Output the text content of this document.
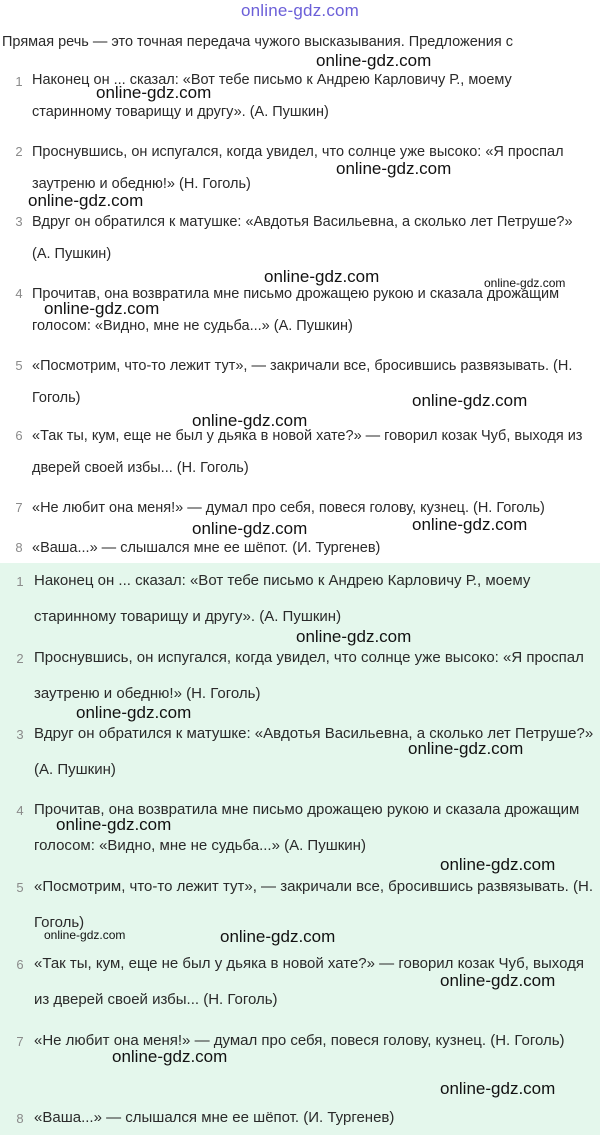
online-gdz.com
Прямая речь — это точная передача чужого высказывания. Предложения с
1 Наконец он ... сказал: «Вот тебе письмо к Андрею Карловичу Р., моему старинному товарищу и другу». (А. Пушкин)
2 Проснувшись, он испугался, когда увидел, что солнце уже высоко: «Я проспал заутреню и обедню!» (Н. Гоголь)
3 Вдруг он обратился к матушке: «Авдотья Васильевна, а сколько лет Петруше?» (А. Пушкин)
4 Прочитав, она возвратила мне письмо дрожащею рукою и сказала дрожащим голосом: «Видно, мне не судьба...» (А. Пушкин)
5 «Посмотрим, что-то лежит тут», — закричали все, бросившись развязывать. (Н. Гоголь)
6 «Так ты, кум, еще не был у дьяка в новой хате?» — говорил козак Чуб, выходя из дверей своей избы... (Н. Гоголь)
7 «Не любит она меня!» — думал про себя, повеся голову, кузнец. (Н. Гоголь)
8 «Ваша...» — слышался мне ее шёпот. (И. Тургенев)
1 Наконец он ... сказал: «Вот тебе письмо к Андрею Карловичу Р., моему старинному товарищу и другу». (А. Пушкин)
2 Проснувшись, он испугался, когда увидел, что солнце уже высоко: «Я проспал заутреню и обедню!» (Н. Гоголь)
3 Вдруг он обратился к матушке: «Авдотья Васильевна, а сколько лет Петруше?» (А. Пушкин)
4 Прочитав, она возвратила мне письмо дрожащею рукою и сказала дрожащим голосом: «Видно, мне не судьба...» (А. Пушкин)
5 «Посмотрим, что-то лежит тут», — закричали все, бросившись развязывать. (Н. Гоголь)
6 «Так ты, кум, еще не был у дьяка в новой хате?» — говорил козак Чуб, выходя из дверей своей избы... (Н. Гоголь)
7 «Не любит она меня!» — думал про себя, повеся голову, кузнец. (Н. Гоголь)
8 «Ваша...» — слышался мне ее шёпот. (И. Тургенев)
online-gdz.com
online-gdz.com
online-gdz.com
online-gdz.com
online-gdz.com	online-gdz.com
online-gdz.com
online-gdz.com
online-gdz.com
online-gdz.com	online-gdz.com
online-gdz.com
online-gdz.com
online-gdz.com
online-gdz.com
online-gdz.com
online-gdz.com	online-gdz.com
online-gdz.com
online-gdz.com
online-gdz.com
